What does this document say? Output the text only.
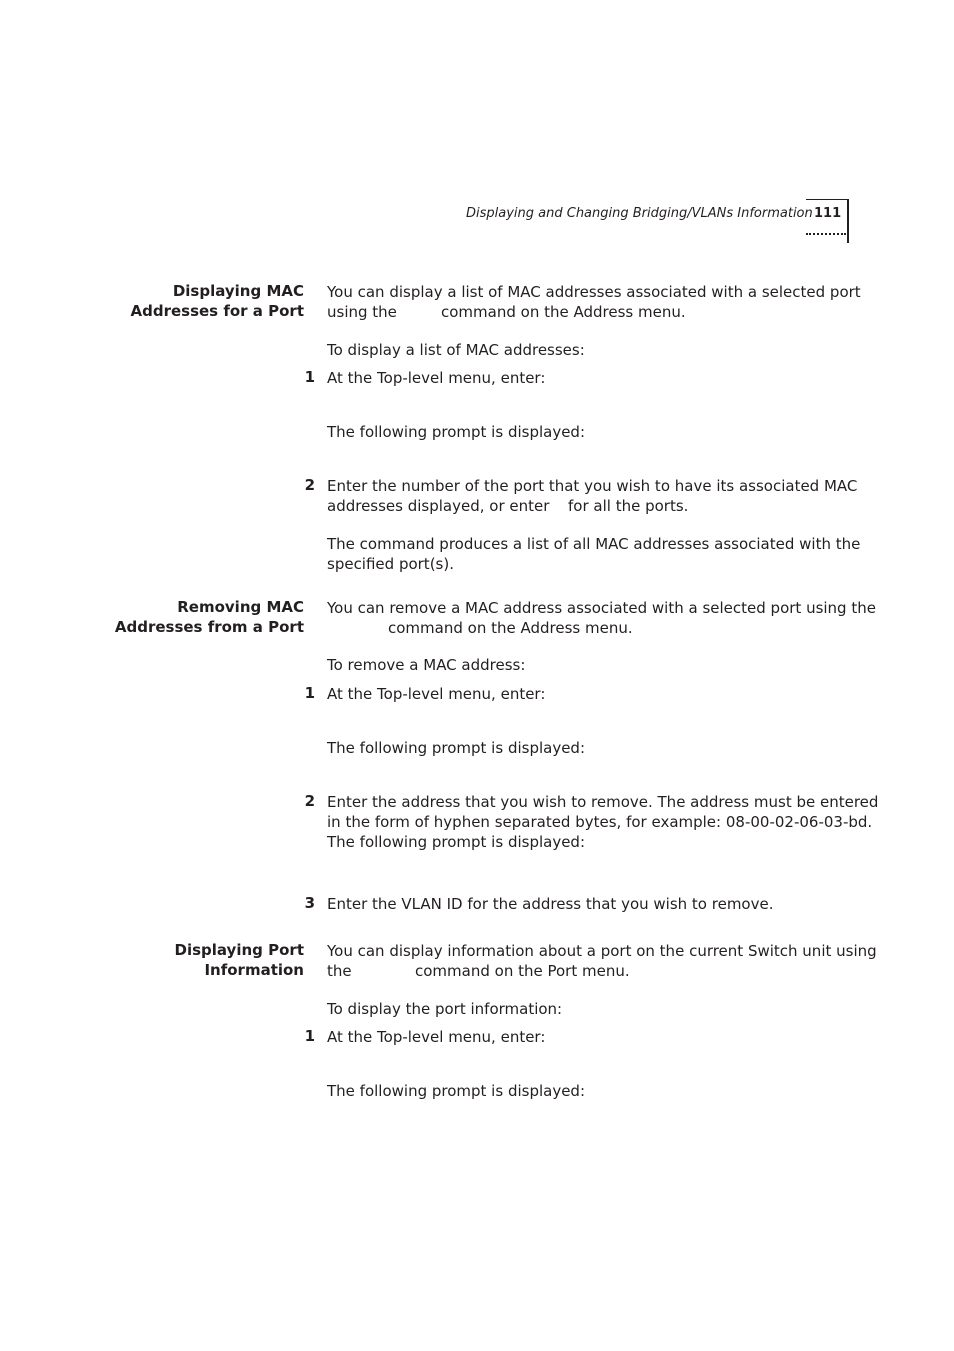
Displaying and Changing Bridging/VLANs Information 111
Displaying MAC
Addresses for a Port
You can display a list of MAC addresses associated with a selected port
using the	command on the Address menu.
To display a list of MAC addresses:
1 At the Top-level menu, enter:
The following prompt is displayed:
2 Enter the number of the port that you wish to have its associated MAC
addresses displayed, or enter for all the ports.
The command produces a list of all MAC addresses associated with the
specified port(s).
Removing MAC
Addresses from a Port
You can remove a MAC address associated with a selected port using the
command on the Address menu.
To remove a MAC address:
1 At the Top-level menu, enter:
The following prompt is displayed:
2 Enter the address that you wish to remove. The address must be entered
in the form of hyphen separated bytes, for example: 08-00-02-06-03-bd.
The following prompt is displayed:
3 Enter the VLAN ID for the address that you wish to remove.
Displaying Port
Information
You can display information about a port on the current Switch unit using
the	command on the Port menu.
To display the port information:
1 At the Top-level menu, enter:
The following prompt is displayed:
